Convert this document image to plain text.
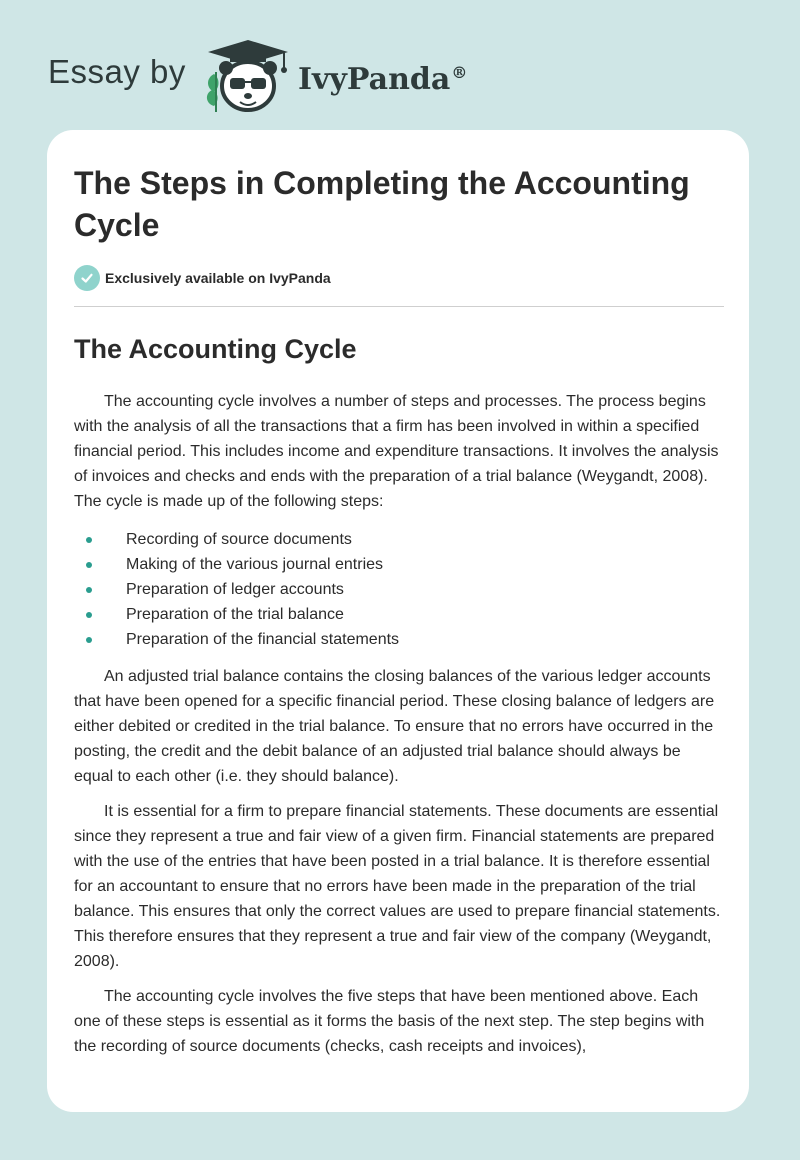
Essay by	IvyPanda®
The Steps in Completing the Accounting Cycle
Exclusively available on IvyPanda
The Accounting Cycle

The accounting cycle involves a number of steps and processes. The process begins with the analysis of all the transactions that a firm has been involved in within a specified financial period. This includes income and expenditure transactions. It involves the analysis of invoices and checks and ends with the preparation of a trial balance (Weygandt, 2008). The cycle is made up of the following steps:

Recording of source documents
Making of the various journal entries
Preparation of ledger accounts
Preparation of the trial balance
Preparation of the financial statements

An adjusted trial balance contains the closing balances of the various ledger accounts that have been opened for a specific financial period. These closing balance of ledgers are either debited or credited in the trial balance. To ensure that no errors have occurred in the posting, the credit and the debit balance of an adjusted trial balance should always be equal to each other (i.e. they should balance).

It is essential for a firm to prepare financial statements. These documents are essential since they represent a true and fair view of a given firm. Financial statements are prepared with the use of the entries that have been posted in a trial balance. It is therefore essential for an accountant to ensure that no errors have been made in the preparation of the trial balance. This ensures that only the correct values are used to prepare financial statements. This therefore ensures that they represent a true and fair view of the company (Weygandt, 2008).

The accounting cycle involves the five steps that have been mentioned above. Each one of these steps is essential as it forms the basis of the next step. The step begins with the recording of source documents (checks, cash receipts and invoices),
